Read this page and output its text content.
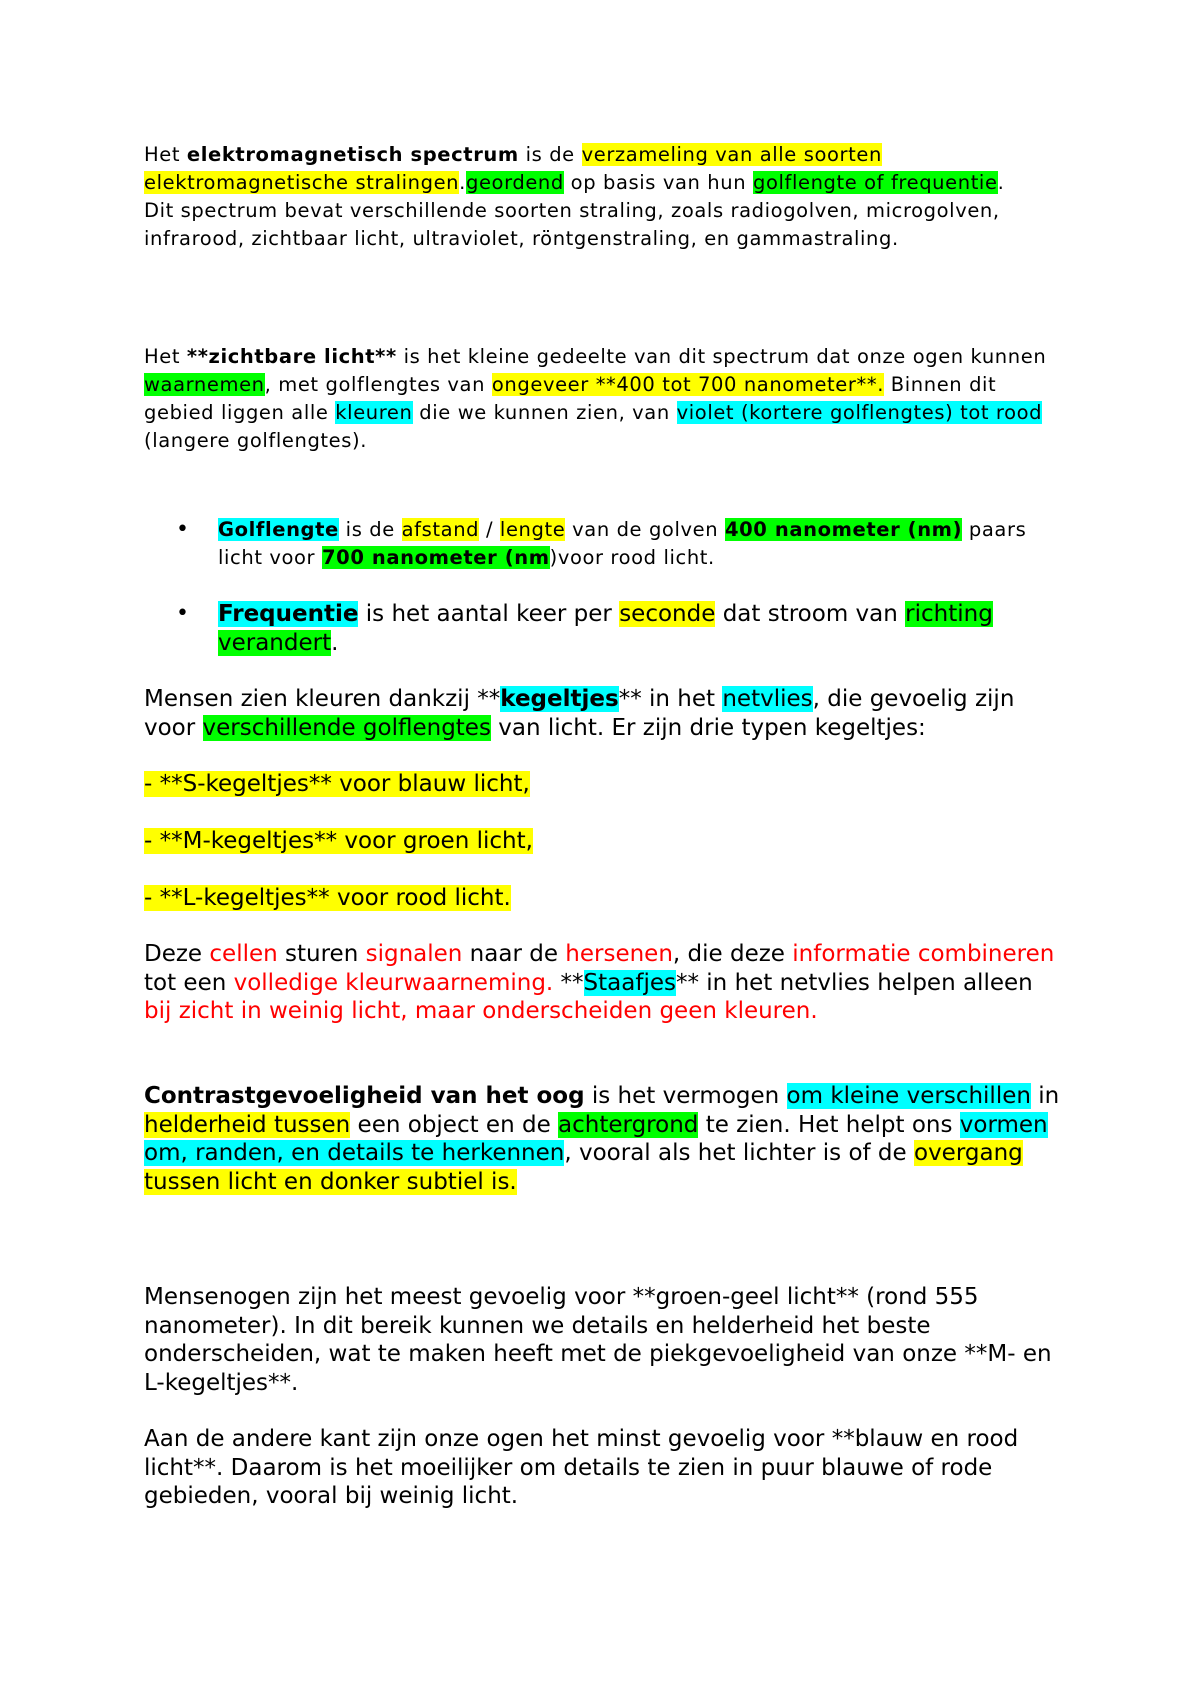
Het elektromagnetisch spectrum is de verzameling van alle soorten elektromagnetische stralingen.geordend op basis van hun golflengte of frequentie.
Dit spectrum bevat verschillende soorten straling, zoals radiogolven, microgolven, infrarood, zichtbaar licht, ultraviolet, röntgenstraling, en gammastraling.

Het **zichtbare licht** is het kleine gedeelte van dit spectrum dat onze ogen kunnen waarnemen, met golflengtes van ongeveer **400 tot 700 nanometer**. Binnen dit gebied liggen alle kleuren die we kunnen zien, van violet (kortere golflengtes) tot rood (langere golflengtes).

• Golflengte is de afstand / lengte van de golven 400 nanometer (nm) paars licht voor 700 nanometer (nm)voor rood licht.
• Frequentie is het aantal keer per seconde dat stroom van richting verandert.

Mensen zien kleuren dankzij **kegeltjes** in het netvlies, die gevoelig zijn voor verschillende golflengtes van licht. Er zijn drie typen kegeltjes:

- **S-kegeltjes** voor blauw licht,

- **M-kegeltjes** voor groen licht,

- **L-kegeltjes** voor rood licht.

Deze cellen sturen signalen naar de hersenen, die deze informatie combineren tot een volledige kleurwaarneming. **Staafjes** in het netvlies helpen alleen bij zicht in weinig licht, maar onderscheiden geen kleuren.

Contrastgevoeligheid van het oog is het vermogen om kleine verschillen in helderheid tussen een object en de achtergrond te zien. Het helpt ons vormen om, randen, en details te herkennen, vooral als het lichter is of de overgang tussen licht en donker subtiel is.

Mensenogen zijn het meest gevoelig voor **groen-geel licht** (rond 555 nanometer). In dit bereik kunnen we details en helderheid het beste onderscheiden, wat te maken heeft met de piekgevoeligheid van onze **M- en L-kegeltjes**.

Aan de andere kant zijn onze ogen het minst gevoelig voor **blauw en rood licht**. Daarom is het moeilijker om details te zien in puur blauwe of rode gebieden, vooral bij weinig licht.
